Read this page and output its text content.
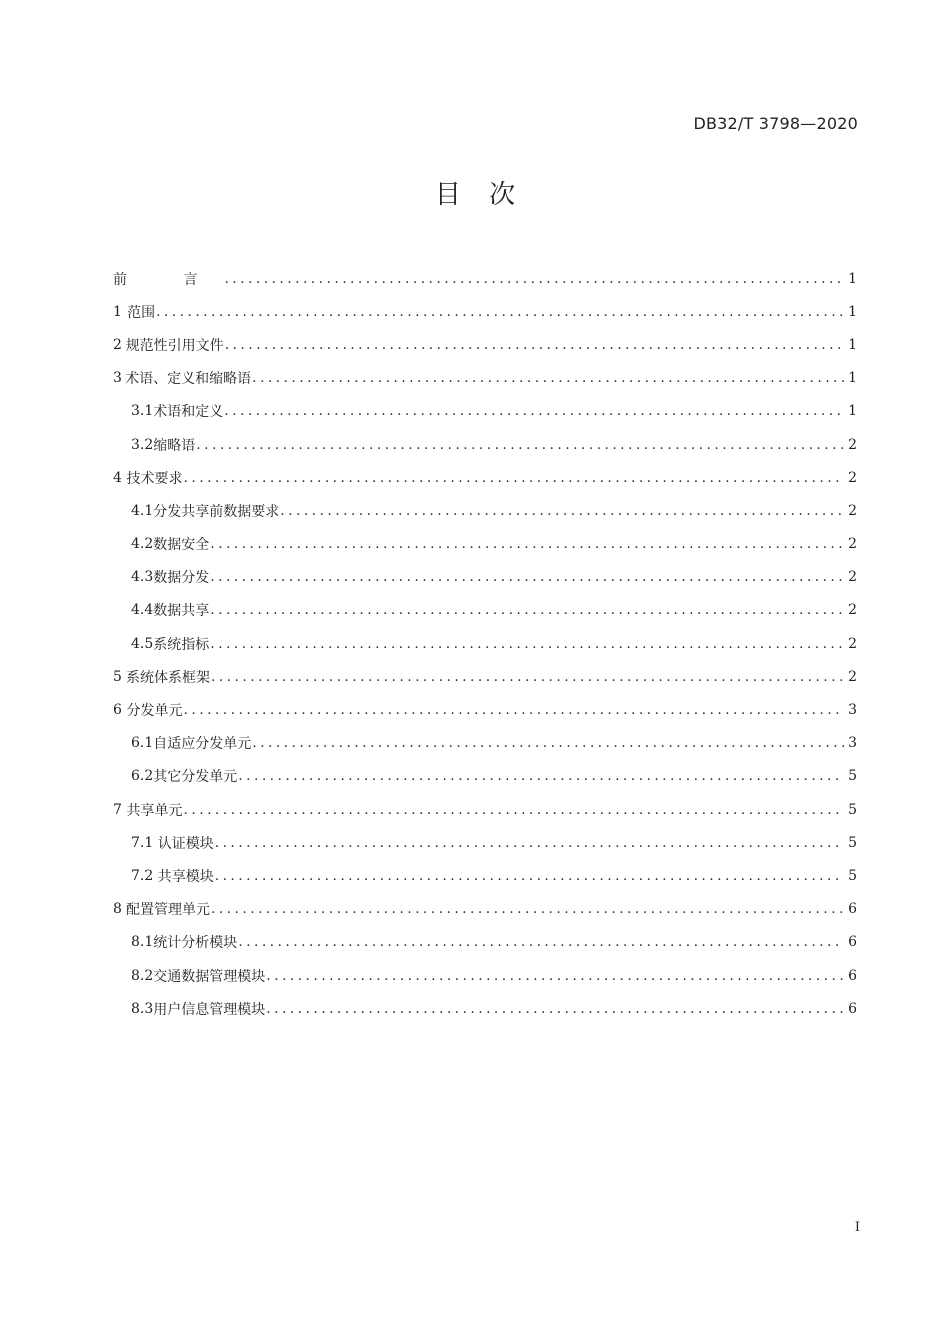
DB32/T 3798—2020
目 次
前 言 .....	1
1 范围 .....	1
2 规范性引用文件 .....	1
3 术语、定义和缩略语 .....	1
3.1 术语和定义 .....	1
3.2 缩略语 .....	2
4 技术要求 .....	2
4.1 分发共享前数据要求 .....	2
4.2 数据安全 .....	2
4.3 数据分发 .....	2
4.4 数据共享 .....	2
4.5 系统指标 .....	2
5 系统体系框架 .....	2
6 分发单元 .....	3
6.1 自适应分发单元 .....	3
6.2 其它分发单元 .....	5
7 共享单元 .....	5
7.1 认证模块 .....	5
7.2 共享模块 .....	5
8 配置管理单元 .....	6
8.1 统计分析模块 .....	6
8.2 交通数据管理模块 .....	6
8.3 用户信息管理模块 .....	6
I
